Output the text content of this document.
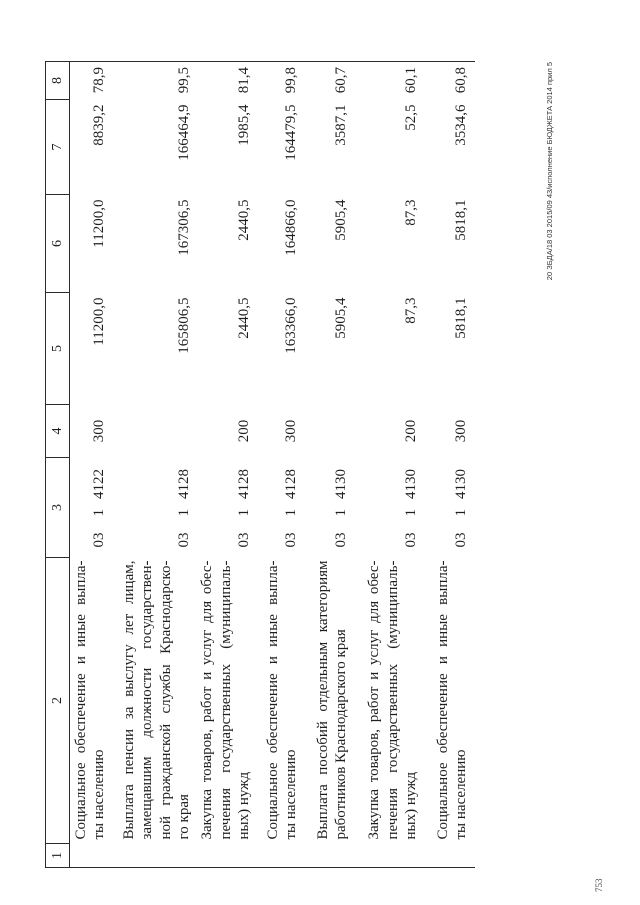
1	2	3	4	5	6	7	8

	Социальное обеспечение и иные выпла- ты населению	0314122	300	11200,0	11200,0	8839,2	78,9

	Выплата пенсии за выслугу лет лицам, замещавшим должности государствен- ной гражданской службы Краснодарско- го края	0314128		165806,5	167306,5	166464,9	99,5

	Закупка товаров, работ и услуг для обес- печения государственных (муниципаль- ных) нужд	0314128	200	2440,5	2440,5	1985,4	81,4

	Социальное обеспечение и иные выпла- ты населению	0314128	300	163366,0	164866,0	164479,5	99,8

	Выплата пособий отдельным категориям работников Краснодарского края	0314130		5905,4	5905,4	3587,1	60,7

	Закупка товаров, работ и услуг для обес- печения государственных (муниципаль- ных) нужд	0314130	200	87,3	87,3	52,5	60,1

	Социальное обеспечение и иные выпла- ты населению	0314130	300	5818,1	5818,1	3534,6	60,8	20 ЗБДА/18 03 2015/09 43/исполнение БЮДЖЕТА 2014 прил 5
753
